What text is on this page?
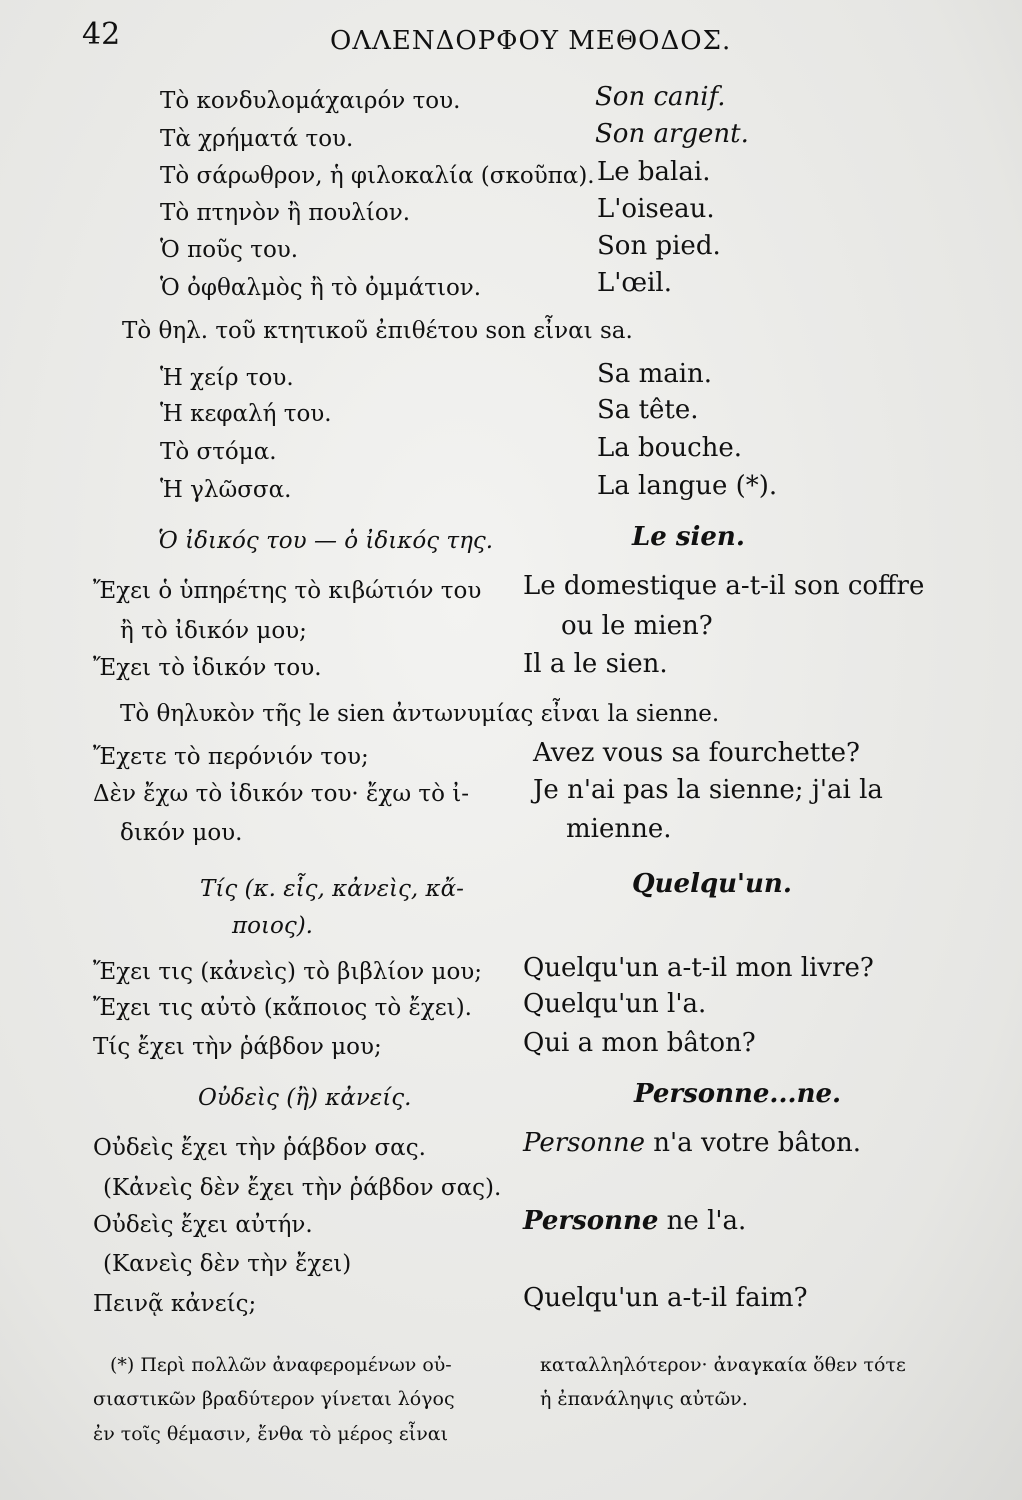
42	ΟΛΛΕΝΔΟΡΦΟΥ ΜΕΘΟΔΟΣ.
Τὸ κονδυλομάχαιρόν του.	Son canif.
Τὰ χρήματά του.	Son argent.
Τὸ σάρωθρον, ἡ φιλοκαλία (σκοῦπα). Le balai.
Τὸ πτηνὸν ἢ πουλίον.	L'oiseau.
Ὁ ποῦς του.	Son pied.
Ὁ ὀφθαλμὸς ἢ τὸ ὀμμάτιον.	L'œil.
Τὸ θηλ. τοῦ κτητικοῦ ἐπιθέτου son εἶναι sa.
Ἡ χείρ του.	Sa main.
Ἡ κεφαλή του.	Sa tête.
Τὸ στόμα.	La bouche.
Ἡ γλῶσσα.	La langue (*).
Ὁ ἰδικός του — ὁ ἰδικός της.	Le sien.
Ἔχει ὁ ὑπηρέτης τὸ κιβώτιόν του Le domestique a-t-il son coffre
ἢ τὸ ἰδικόν μου;	ou le mien?
Ἔχει τὸ ἰδικόν του.	Il a le sien.
Τὸ θηλυκὸν τῆς le sien ἀντωνυμίας εἶναι la sienne.
Ἔχετε τὸ περόνιόν του;	Avez vous sa fourchette?
Δὲν ἔχω τὸ ἰδικόν του· ἔχω τὸ ἰ- Je n'ai pas la sienne; j'ai la
δικόν μου.	mienne.
Τίς (κ. εἷς, κἀνεὶς, κἄ-
ποιος).
Quelqu'un.
Ἔχει τις (κἀνεὶς) τὸ βιβλίον μου; Quelqu'un a-t-il mon livre?
Ἔχει τις αὐτὸ (κἄποιος τὸ ἔχει). Quelqu'un l'a.
Τίς ἔχει τὴν ῥάβδον μου;	Qui a mon bâton?
Οὐδεὶς (ἢ) κἀνείς.	Personne...ne.
Οὐδεὶς ἔχει τὴν ῥάβδον σας.	Personne n'a votre bâton.
(Κἀνεὶς δὲν ἔχει τὴν ῥάβδον σας).
Οὐδεὶς ἔχει αὐτήν.	Personne ne l'a.
(Κανεὶς δὲν τὴν ἔχει)
Πεινᾷ κἀνείς;	Quelqu'un a-t-il faim?
(*) Περὶ πολλῶν ἀναφερομένων οὐ-
σιαστικῶν βραδύτερον γίνεται λόγος
ἐν τοῖς θέμασιν, ἔνθα τὸ μέρος εἶναι
καταλληλότερον· ἀναγκαία ὅθεν τότε
ἡ ἐπανάληψις αὐτῶν.
